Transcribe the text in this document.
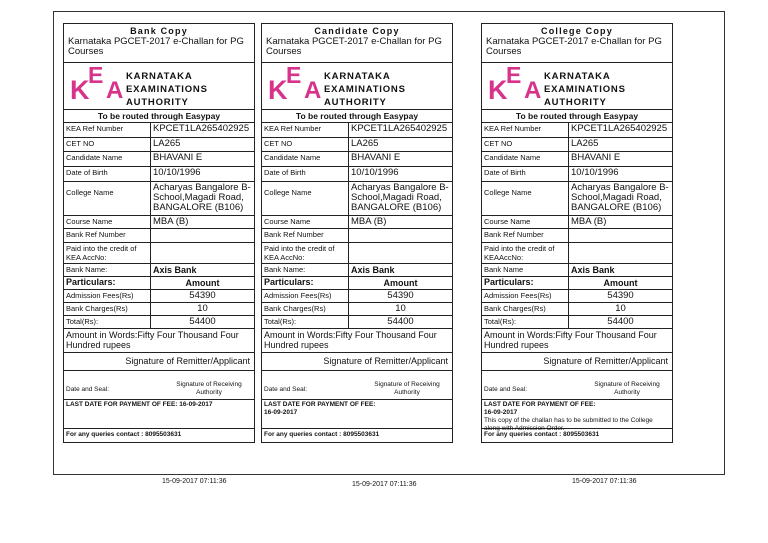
Bank Copy
Karnataka PGCET-2017 e-Challan for PG Courses
K
E
A
KARNATAKA
EXAMINATIONS
AUTHORITY
To be routed through Easypay
KEA Ref Number	KPCET1LA265402925
CET NO	LA265
Candidate Name	BHAVANI E
Date of Birth	10/10/1996
College Name	Acharyas Bangalore B-School,Magadi Road, BANGALORE (B106)
Course Name	MBA (B)
Bank Ref Number	
Paid into the credit of KEA AccNo:	
Bank Name:	Axis Bank
Particulars:	Amount
Admission Fees(Rs)	54390
Bank Charges(Rs)	10
Total(Rs):	54400
Amount in Words:Fifty Four Thousand Four Hundred rupees
Signature of Remitter/Applicant
Date and Seal:
Signature of Receiving Authority
LAST DATE FOR PAYMENT OF FEE: 16-09-2017
For any queries contact : 8095503631
Candidate Copy
Karnataka PGCET-2017 e-Challan for PG Courses
K
E
A
KARNATAKA
EXAMINATIONS
AUTHORITY
To be routed through Easypay
KEA Ref Number	KPCET1LA265402925
CET NO	LA265
Candidate Name	BHAVANI E
Date of Birth	10/10/1996
College Name	Acharyas Bangalore B-School,Magadi Road, BANGALORE (B106)
Course Name	MBA (B)
Bank Ref Number	
Paid into the credit of KEA AccNo:	
Bank Name:	Axis Bank
Particulars:	Amount
Admission Fees(Rs)	54390
Bank Charges(Rs)	10
Total(Rs):	54400
Amount in Words:Fifty Four Thousand Four Hundred rupees
Signature of Remitter/Applicant
Date and Seal:
Signature of Receiving Authority
LAST DATE FOR PAYMENT OF FEE:
16-09-2017
For any queries contact : 8095503631
College Copy
Karnataka PGCET-2017 e-Challan for PG Courses
K
E
A
KARNATAKA
EXAMINATIONS
AUTHORITY
To be routed through Easypay
KEA Ref Number	KPCET1LA265402925
CET NO	LA265
Candidate Name	BHAVANI E
Date of Birth	10/10/1996
College Name	Acharyas Bangalore B-School,Magadi Road, BANGALORE (B106)
Course Name	MBA (B)
Bank Ref Number	
Paid into the credit of KEAAccNo:	
Bank Name	Axis Bank
Particulars:	Amount
Admission Fees(Rs)	54390
Bank Charges(Rs)	10
Total(Rs):	54400
Amount in Words:Fifty Four Thousand Four Hundred rupees
Signature of Remitter/Applicant
Date and Seal:
Signature of Receiving Authority
LAST DATE FOR PAYMENT OF FEE:
16-09-2017
This copy of the challan has to be submitted to the College along with Admission Order.
For any queries contact : 8095503631
15-09-2017 07:11:36	15-09-2017 07:11:36	15-09-2017 07:11:36
